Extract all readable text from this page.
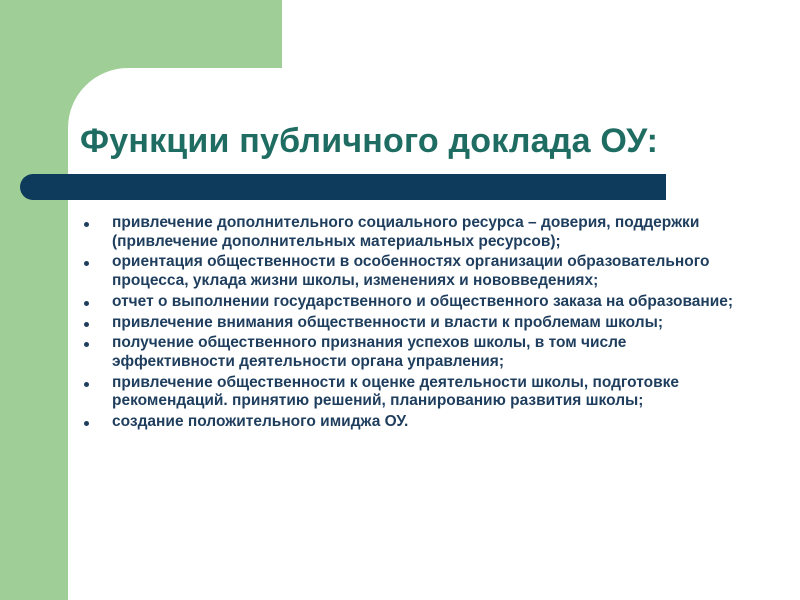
Функции публичного доклада ОУ:
привлечение дополнительного социального ресурса – доверия, поддержки (привлечение дополнительных материальных ресурсов);
ориентация общественности в особенностях организации образовательного процесса, уклада жизни школы, изменениях и нововведениях;
отчет о выполнении государственного и общественного заказа на образование;
привлечение внимания общественности и власти к проблемам школы;
получение общественного признания успехов школы, в том числе эффективности деятельности органа управления;
привлечение общественности к оценке деятельности школы, подготовке рекомендаций. принятию решений, планированию развития школы;
создание положительного имиджа ОУ.
